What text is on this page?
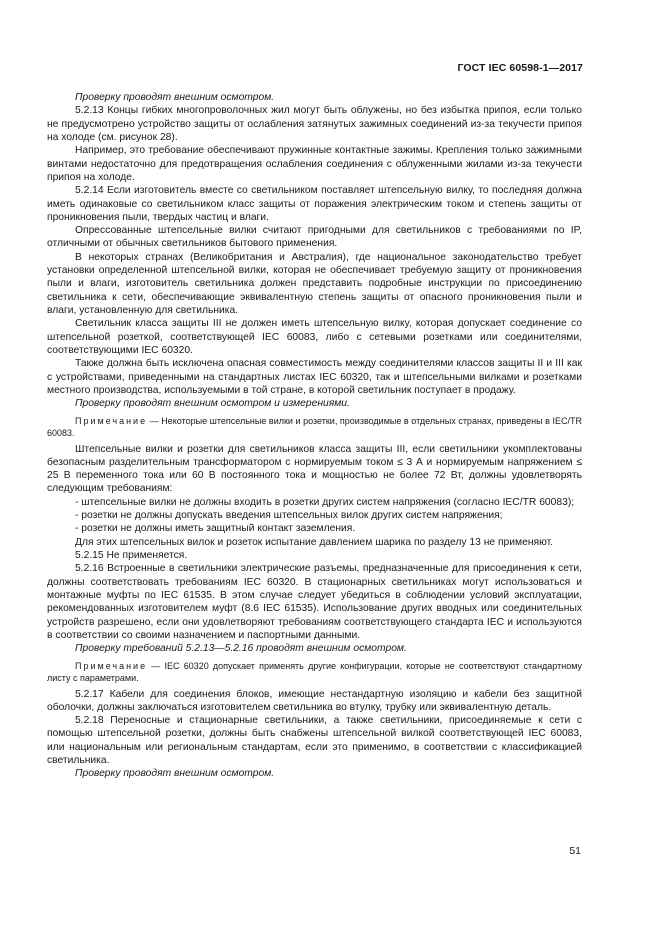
ГОСТ IEC 60598-1—2017

Проверку проводят внешним осмотром.

5.2.13 Концы гибких многопроволочных жил могут быть облужены, но без избытка припоя, если только не предусмотрено устройство защиты от ослабления затянутых зажимных соединений из-за текучести припоя на холоде (см. рисунок 28).

Например, это требование обеспечивают пружинные контактные зажимы. Крепления только зажимными винтами недостаточно для предотвращения ослабления соединения с облуженными жилами из-за текучести припоя на холоде.

5.2.14 Если изготовитель вместе со светильником поставляет штепсельную вилку, то последняя должна иметь одинаковые со светильником класс защиты от поражения электрическим током и степень защиты от проникновения пыли, твердых частиц и влаги.

Опрессованные штепсельные вилки считают пригодными для светильников с требованиями по IP, отличными от обычных светильников бытового применения.

В некоторых странах (Великобритания и Австралия), где национальное законодательство требует установки определенной штепсельной вилки, которая не обеспечивает требуемую защиту от проникновения пыли и влаги, изготовитель светильника должен представить подробные инструкции по присоединению светильника к сети, обеспечивающие эквивалентную степень защиты от опасного проникновения пыли и влаги, установленную для светильника.

Светильник класса защиты III не должен иметь штепсельную вилку, которая допускает соединение со штепсельной розеткой, соответствующей IEC 60083, либо с сетевыми розетками или соединителями, соответствующими IEC 60320.

Также должна быть исключена опасная совместимость между соединителями классов защиты II и III как с устройствами, приведенными на стандартных листах IEC 60320, так и штепсельными вилками и розетками местного производства, используемыми в той стране, в которой светильник поступает в продажу.

Проверку проводят внешним осмотром и измерениями.

Примечание — Некоторые штепсельные вилки и розетки, производимые в отдельных странах, приведены в IEC/TR 60083.

Штепсельные вилки и розетки для светильников класса защиты III, если светильники укомплектованы безопасным разделительным трансформатором с нормируемым током ≤ 3 А и нормируемым напряжением ≤ 25 В переменного тока или 60 В постоянного тока и мощностью не более 72 Вт, должны удовлетворять следующим требованиям:

- штепсельные вилки не должны входить в розетки других систем напряжения (согласно IEC/TR 60083);

- розетки не должны допускать введения штепсельных вилок других систем напряжения;

- розетки не должны иметь защитный контакт заземления.

Для этих штепсельных вилок и розеток испытание давлением шарика по разделу 13 не применяют.

5.2.15 Не применяется.

5.2.16 Встроенные в светильники электрические разъемы, предназначенные для присоединения к сети, должны соответствовать требованиям IEC 60320. В стационарных светильниках могут использоваться и монтажные муфты по IEC 61535. В этом случае следует убедиться в соблюдении условий эксплуатации, рекомендованных изготовителем муфт (8.6 IEC 61535). Использование других вводных или соединительных устройств разрешено, если они удовлетворяют требованиям соответствующего стандарта IEC и используются в соответствии со своими назначением и паспортными данными.

Проверку требований 5.2.13—5.2.16 проводят внешним осмотром.

Примечание — IEC 60320 допускает применять другие конфигурации, которые не соответствуют стандартному листу с параметрами.

5.2.17 Кабели для соединения блоков, имеющие нестандартную изоляцию и кабели без защитной оболочки, должны заключаться изготовителем светильника во втулку, трубку или эквивалентную деталь.

5.2.18 Переносные и стационарные светильники, а также светильники, присоединяемые к сети с помощью штепсельной розетки, должны быть снабжены штепсельной вилкой соответствующей IEC 60083, или национальным или региональным стандартам, если это применимо, в соответствии с классификацией светильника.

Проверку проводят внешним осмотром.

51
